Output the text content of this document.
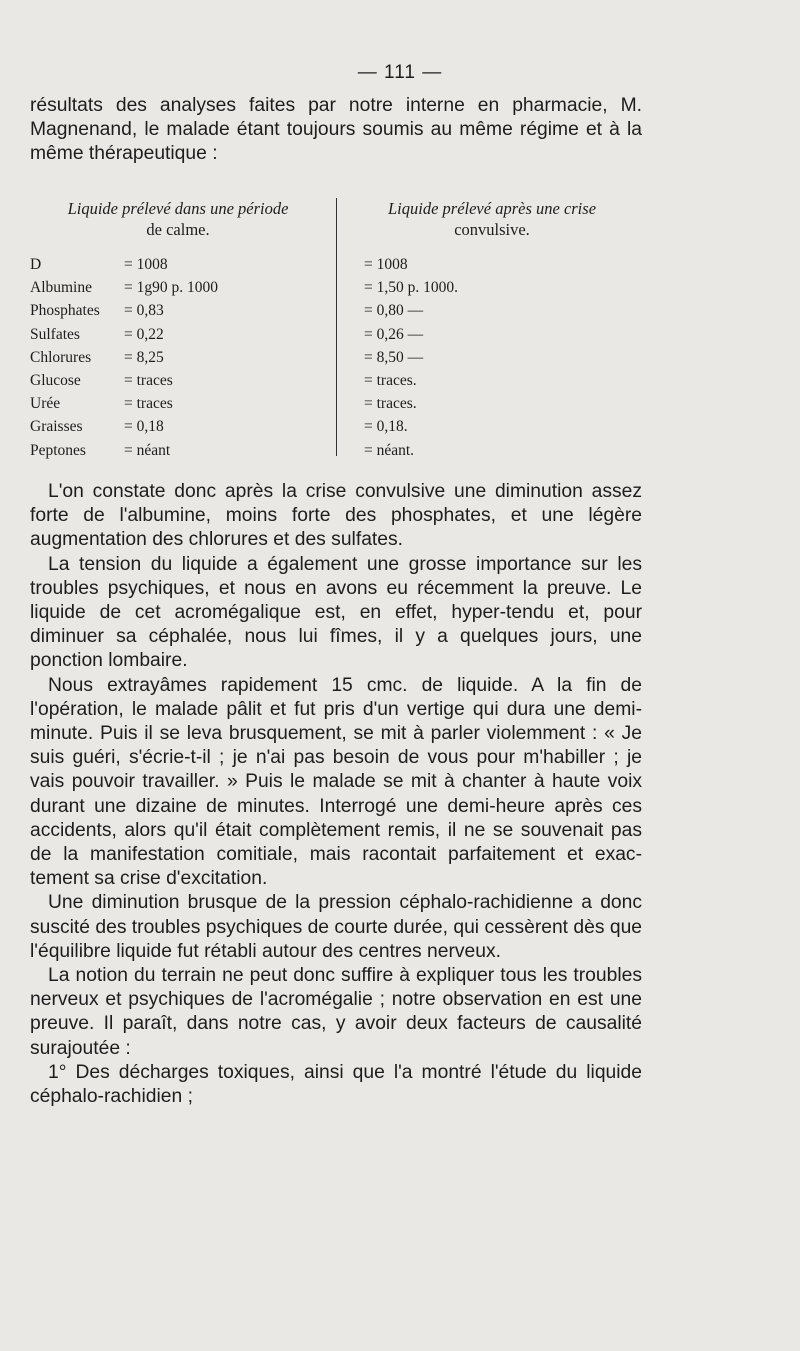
— 111 —

résultats des analyses faites par notre interne en pharmacie, M. Magnenand, le malade étant toujours soumis au même régime et à la même thérapeutique :

Liquide prélevé dans une période
de calme.
Liquide prélevé après une crise
convulsive.
D	= 1008	= 1008
Albumine = 1g90 p. 1000	= 1,50 p. 1000.
Phosphates = 0,83	= 0,80 —
Sulfates	= 0,22	= 0,26 —
Chlorures = 8,25	= 8,50 —
Glucose	= traces	= traces.
Urée	= traces	= traces.
Graisses	= 0,18	= 0,18.
Peptones = néant	= néant.

L'on constate donc après la crise convulsive une diminution assez forte de l'albumine, moins forte des phosphates, et une légère augmentation des chlorures et des sulfates.

La tension du liquide a également une grosse importance sur les troubles psychiques, et nous en avons eu récemment la preuve. Le liquide de cet acromégalique est, en effet, hyper-tendu et, pour diminuer sa céphalée, nous lui fîmes, il y a quelques jours, une ponction lombaire.

Nous extrayâmes rapidement 15 cmc. de liquide. A la fin de l'opération, le malade pâlit et fut pris d'un vertige qui dura une demi-minute. Puis il se leva brusquement, se mit à parler violemment : « Je suis guéri, s'écrie-t-il ; je n'ai pas besoin de vous pour m'habiller ; je vais pouvoir travailler. » Puis le malade se mit à chanter à haute voix durant une dizaine de minutes. Interrogé une demi-heure après ces accidents, alors qu'il était complètement remis, il ne se souvenait pas de la manifestation comitiale, mais racontait parfaitement et exac-tement sa crise d'excitation.

Une diminution brusque de la pression céphalo-rachidienne a donc suscité des troubles psychiques de courte durée, qui cessèrent dès que l'équilibre liquide fut rétabli autour des centres nerveux.

La notion du terrain ne peut donc suffire à expliquer tous les troubles nerveux et psychiques de l'acromégalie ; notre observation en est une preuve. Il paraît, dans notre cas, y avoir deux facteurs de causalité surajoutée :

1° Des décharges toxiques, ainsi que l'a montré l'étude du liquide céphalo-rachidien ;
